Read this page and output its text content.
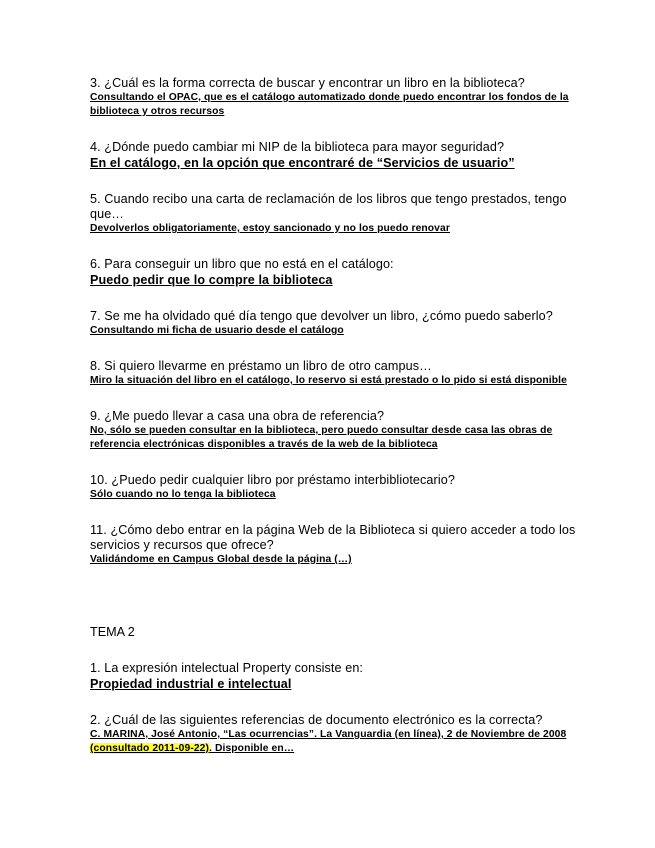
3. ¿Cuál es la forma correcta de buscar y encontrar un libro en la biblioteca?

Consultando el OPAC, que es el catálogo automatizado donde puedo encontrar los fondos de la biblioteca y otros recursos

4. ¿Dónde puedo cambiar mi NIP de la biblioteca para mayor seguridad?

En el catálogo, en la opción que encontraré de “Servicios de usuario”

5. Cuando recibo una carta de reclamación de los libros que tengo prestados, tengo que…

Devolverlos obligatoriamente, estoy sancionado y no los puedo renovar

6. Para conseguir un libro que no está en el catálogo:

Puedo pedir que lo compre la biblioteca

7. Se me ha olvidado qué día tengo que devolver un libro, ¿cómo puedo saberlo?

Consultando mi ficha de usuario desde el catálogo

8. Si quiero llevarme en préstamo un libro de otro campus…

Miro la situación del libro en el catálogo, lo reservo si está prestado o lo pido si está disponible

9. ¿Me puedo llevar a casa una obra de referencia?

No, sólo se pueden consultar en la biblioteca, pero puedo consultar desde casa las obras de referencia electrónicas disponibles a través de la web de la biblioteca

10. ¿Puedo pedir cualquier libro por préstamo interbibliotecario?

Sólo cuando no lo tenga la biblioteca

11. ¿Cómo debo entrar en la página Web de la Biblioteca si quiero acceder a todo los servicios y recursos que ofrece?

Validándome en Campus Global desde la página (…)

TEMA 2

1. La expresión intelectual Property consiste en:

Propiedad industrial e intelectual

2. ¿Cuál de las siguientes referencias de documento electrónico es la correcta?

C. MARINA, José Antonio, “Las ocurrencias”. La Vanguardia (en línea), 2 de Noviembre de 2008 (consultado 2011-09-22). Disponible en…
